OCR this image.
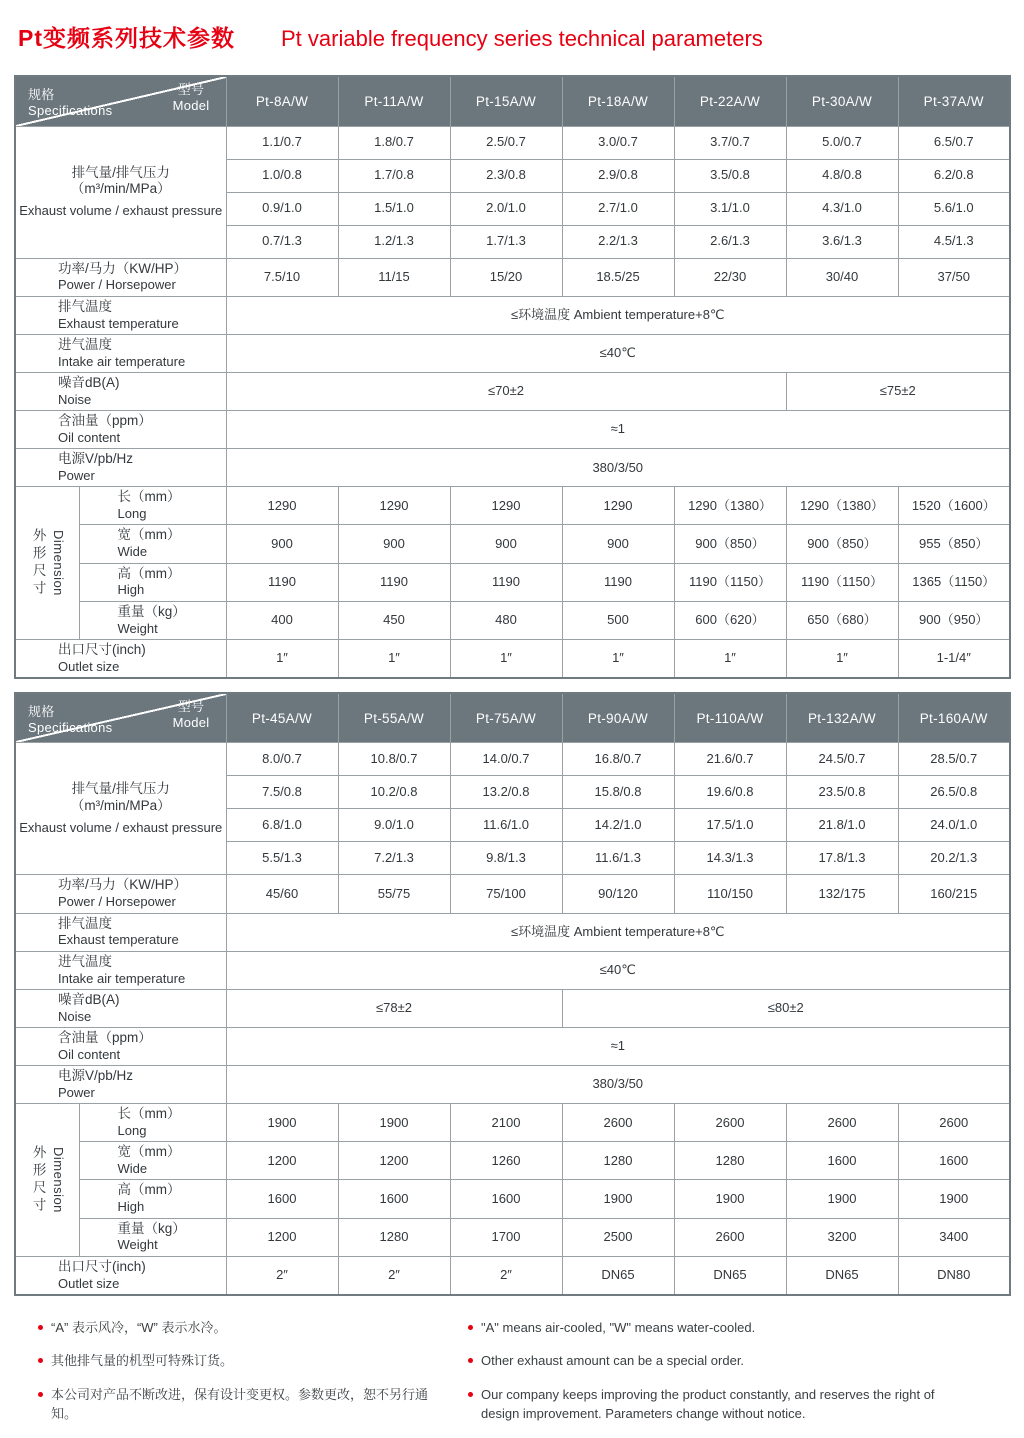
Pt变频系列技术参数 Pt variable frequency series technical parameters
型号
Model
规格
Specifications		Pt-8A/W	Pt-11A/W	Pt-15A/W	Pt-18A/W	Pt-22A/W	Pt-30A/W	Pt-37A/W

排气量/排气压力
（m³/min/MPa）
Exhaust volume / exhaust pressure		1.1/0.7	1.8/0.7	2.5/0.7	3.0/0.7	3.7/0.7	5.0/0.7	6.5/0.7
		1.0/0.8	1.7/0.8	2.3/0.8	2.9/0.8	3.5/0.8	4.8/0.8	6.2/0.8
		0.9/1.0	1.5/1.0	2.0/1.0	2.7/1.0	3.1/1.0	4.3/1.0	5.6/1.0
		0.7/1.3	1.2/1.3	1.7/1.3	2.2/1.3	2.6/1.3	3.6/1.3	4.5/1.3

功率/马力（KW/HP）
Power / Horsepower		7.5/10	11/15	15/20	18.5/25	22/30	30/40	37/50

排气温度
Exhaust temperature		≤环境温度 Ambient temperature+8℃						

进气温度
Intake air temperature		≤40℃						

噪音dB(A)
Noise		≤70±2					≤75±2	

含油量（ppm）
Oil content		≈1						

电源V/pb/Hz
Power		380/3/50						

外形尺寸 Dimension	长（mm）
Long	1290	1290	1290	1290	1290（1380）	1290（1380）	1520（1600）

	宽（mm）
Wide	900	900	900	900	900（850）	900（850）	955（850）

	高（mm）
High	1190	1190	1190	1190	1190（1150）	1190（1150）	1365（1150）

	重量（kg）
Weight	400	450	480	500	600（620）	650（680）	900（950）

出口尺寸(inch)
Outlet size		1″	1″	1″	1″	1″	1″	1-1/4″
型号
Model
规格
Specifications		Pt-45A/W	Pt-55A/W	Pt-75A/W	Pt-90A/W	Pt-110A/W	Pt-132A/W	Pt-160A/W

排气量/排气压力
（m³/min/MPa）
Exhaust volume / exhaust pressure		8.0/0.7	10.8/0.7	14.0/0.7	16.8/0.7	21.6/0.7	24.5/0.7	28.5/0.7
		7.5/0.8	10.2/0.8	13.2/0.8	15.8/0.8	19.6/0.8	23.5/0.8	26.5/0.8
		6.8/1.0	9.0/1.0	11.6/1.0	14.2/1.0	17.5/1.0	21.8/1.0	24.0/1.0
		5.5/1.3	7.2/1.3	9.8/1.3	11.6/1.3	14.3/1.3	17.8/1.3	20.2/1.3

功率/马力（KW/HP）
Power / Horsepower		45/60	55/75	75/100	90/120	110/150	132/175	160/215

排气温度
Exhaust temperature		≤环境温度 Ambient temperature+8℃						

进气温度
Intake air temperature		≤40℃						

噪音dB(A)
Noise		≤78±2			≤80±2			

含油量（ppm）
Oil content		≈1						

电源V/pb/Hz
Power		380/3/50						

外形尺寸 Dimension	长（mm）
Long	1900	1900	2100	2600	2600	2600	2600

	宽（mm）
Wide	1200	1200	1260	1280	1280	1600	1600

	高（mm）
High	1600	1600	1600	1900	1900	1900	1900

	重量（kg）
Weight	1200	1280	1700	2500	2600	3200	3400

出口尺寸(inch)
Outlet size		2″	2″	2″	DN65	DN65	DN65	DN80
“A” 表示风冷，“W” 表示水冷。
其他排气量的机型可特殊订货。
本公司对产品不断改进，保有设计变更权。参数更改，恕不另行通知。
"A" means air-cooled, "W" means water-cooled.
Other exhaust amount can be a special order.
Our company keeps improving the product constantly, and reserves the right of design improvement. Parameters change without notice.
